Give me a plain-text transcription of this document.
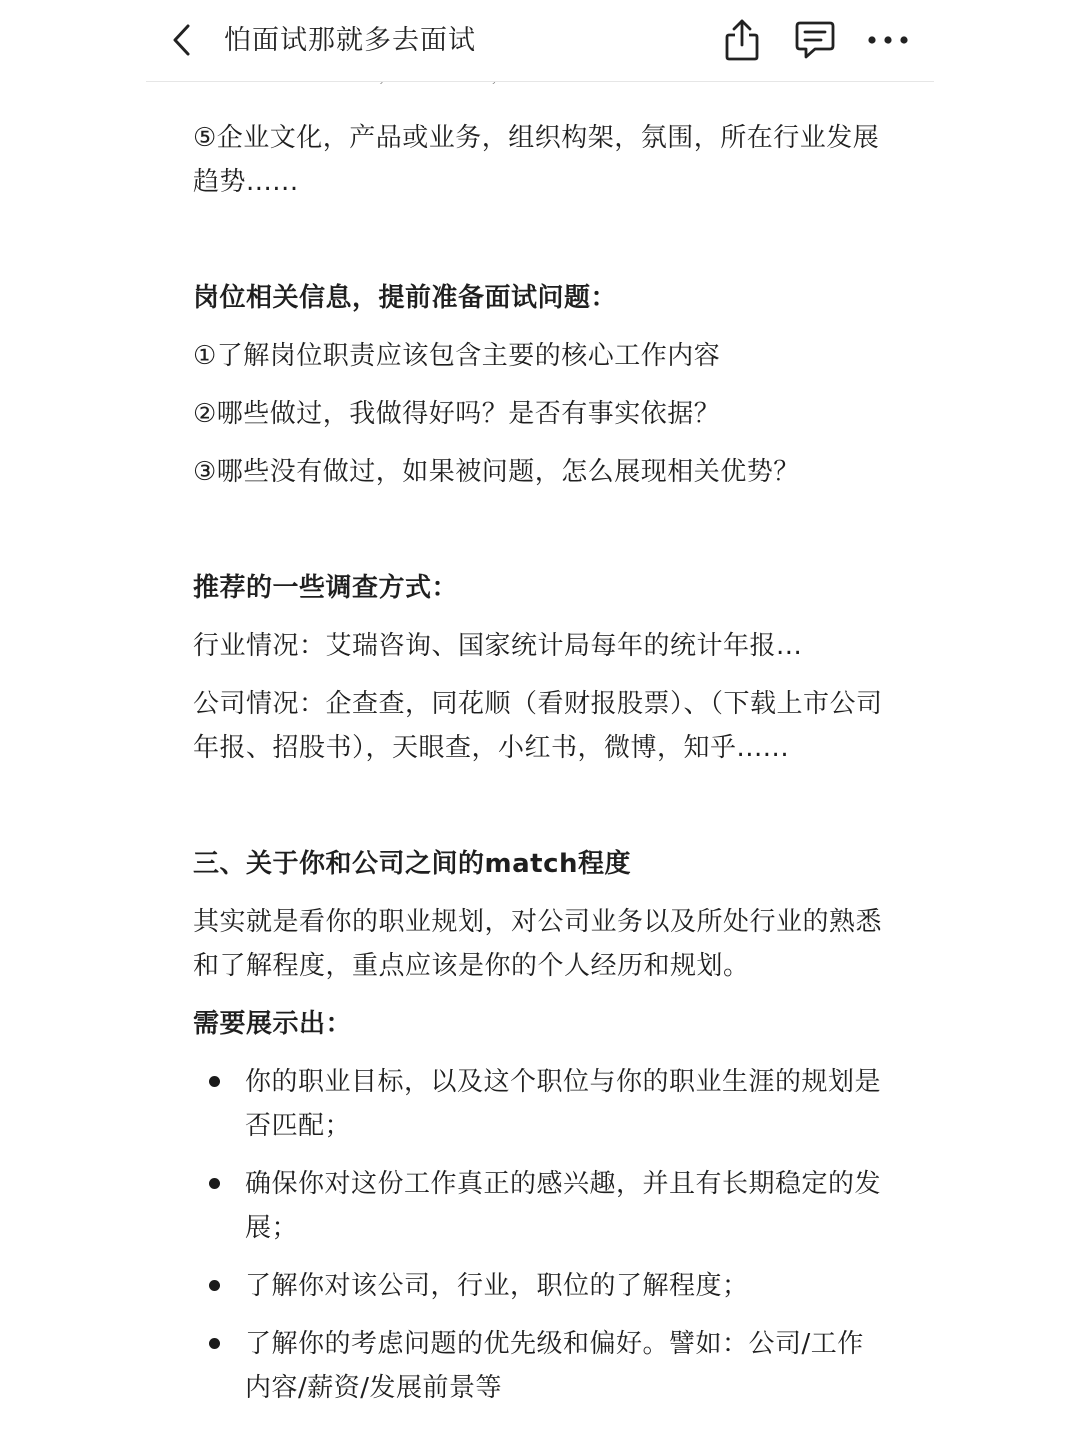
⑤企业文化，产品或业务，组织构架，氛围，所在行业发展趋势......

岗位相关信息，提前准备面试问题：

①了解岗位职责应该包含主要的核心工作内容

②哪些做过，我做得好吗？是否有事实依据？

③哪些没有做过，如果被问题，怎么展现相关优势？

推荐的一些调查方式：

行业情况：艾瑞咨询、国家统计局每年的统计年报...

公司情况：企查查，同花顺（看财报股票）、（下载上市公司年报、招股书），天眼查，小红书，微博，知乎......

三、关于你和公司之间的match程度

其实就是看你的职业规划，对公司业务以及所处行业的熟悉和了解程度，重点应该是你的个人经历和规划。

需要展示出：

你的职业目标，以及这个职位与你的职业生涯的规划是否匹配；
确保你对这份工作真正的感兴趣，并且有长期稳定的发展；
了解你对该公司，行业，职位的了解程度；
了解你的考虑问题的优先级和偏好。譬如：公司/工作内容/薪资/发展前景等
怕面试那就多去面试
